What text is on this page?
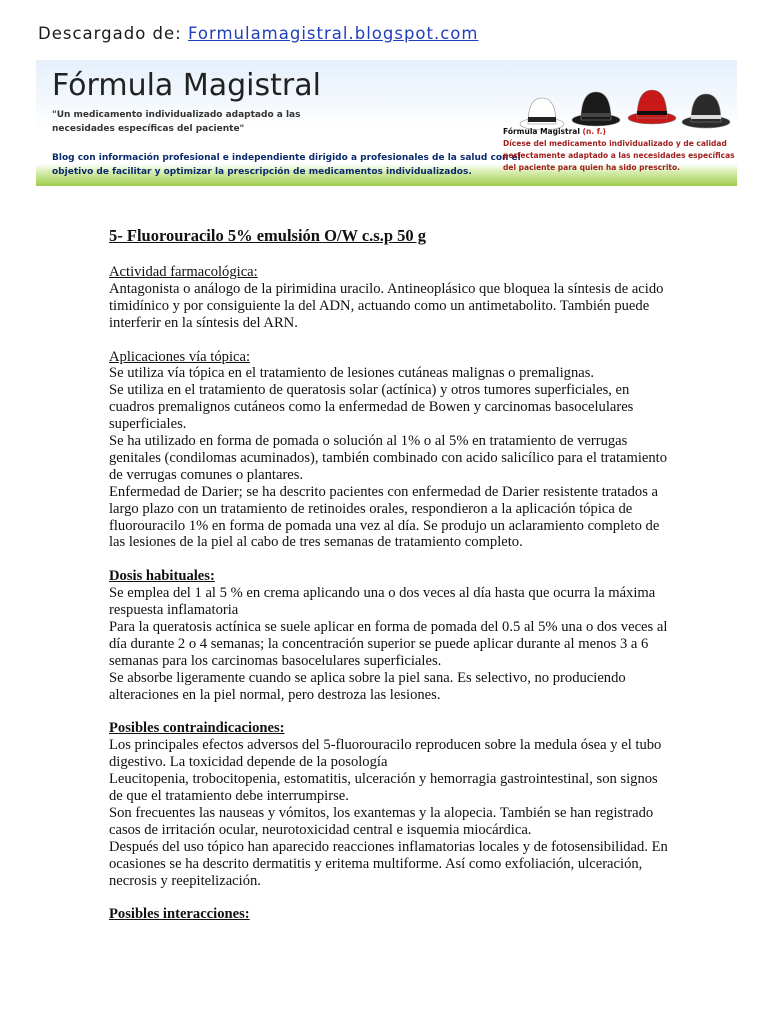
Descargado de: Formulamagistral.blogspot.com
Fórmula Magistral
"Un medicamento individualizado adaptado a las necesidades específicas del paciente"
Blog con información profesional e independiente dirigido a profesionales de la salud con el objetivo de facilitar y optimizar la prescripción de medicamentos individualizados.
Fórmula Magistral (n. f.)
Dícese del medicamento individualizado y de calidad perfectamente adaptado a las necesidades específicas del paciente para quien ha sido prescrito.
5- Fluorouracilo 5% emulsión O/W c.s.p 50 g

Actividad farmacológica:

Antagonista o análogo de la pirimidina uracilo. Antineoplásico que bloquea la síntesis de acido timidínico y por consiguiente la del ADN, actuando como un antimetabolito. También puede interferir en la síntesis del ARN.

Aplicaciones vía tópica:

Se utiliza vía tópica en el tratamiento de lesiones cutáneas malignas o premalignas.

Se utiliza en el tratamiento de queratosis solar (actínica) y otros tumores superficiales, en cuadros premalignos cutáneos como la enfermedad de Bowen y carcinomas basocelulares superficiales.

Se ha utilizado en forma de pomada o solución al 1% o al 5% en tratamiento de verrugas genitales (condilomas acuminados), también combinado con acido salicílico para el tratamiento de verrugas comunes o plantares.

Enfermedad de Darier; se ha descrito pacientes con enfermedad de Darier resistente tratados a largo plazo con un tratamiento de retinoides orales, respondieron a la aplicación tópica de fluorouracilo 1% en forma de pomada una vez al día. Se produjo un aclaramiento completo de las lesiones de la piel al cabo de tres semanas de tratamiento completo.

Dosis habituales:

Se emplea del 1 al 5 % en crema aplicando una o dos veces al día hasta que ocurra la máxima respuesta inflamatoria

Para la queratosis actínica se suele aplicar en forma de pomada del 0.5 al 5% una o dos veces al día durante 2 o 4 semanas; la concentración superior se puede aplicar durante al menos 3 a 6 semanas para los carcinomas basocelulares superficiales.

Se absorbe ligeramente cuando se aplica sobre la piel sana. Es selectivo, no produciendo alteraciones en la piel normal, pero destroza las lesiones.

Posibles contraindicaciones:

Los principales efectos adversos del 5-fluorouracilo reproducen sobre la medula ósea y el tubo digestivo. La toxicidad depende de la posología

Leucitopenia, trobocitopenia, estomatitis, ulceración y hemorragia gastrointestinal, son signos de que el tratamiento debe interrumpirse.

Son frecuentes las nauseas y vómitos, los exantemas y la alopecia. También se han registrado casos de irritación ocular, neurotoxicidad central e isquemia miocárdica.

Después del uso tópico han aparecido reacciones inflamatorias locales y de fotosensibilidad. En ocasiones se ha descrito dermatitis y eritema multiforme. Así como exfoliación, ulceración, necrosis y reepitelización.

Posibles interacciones:
